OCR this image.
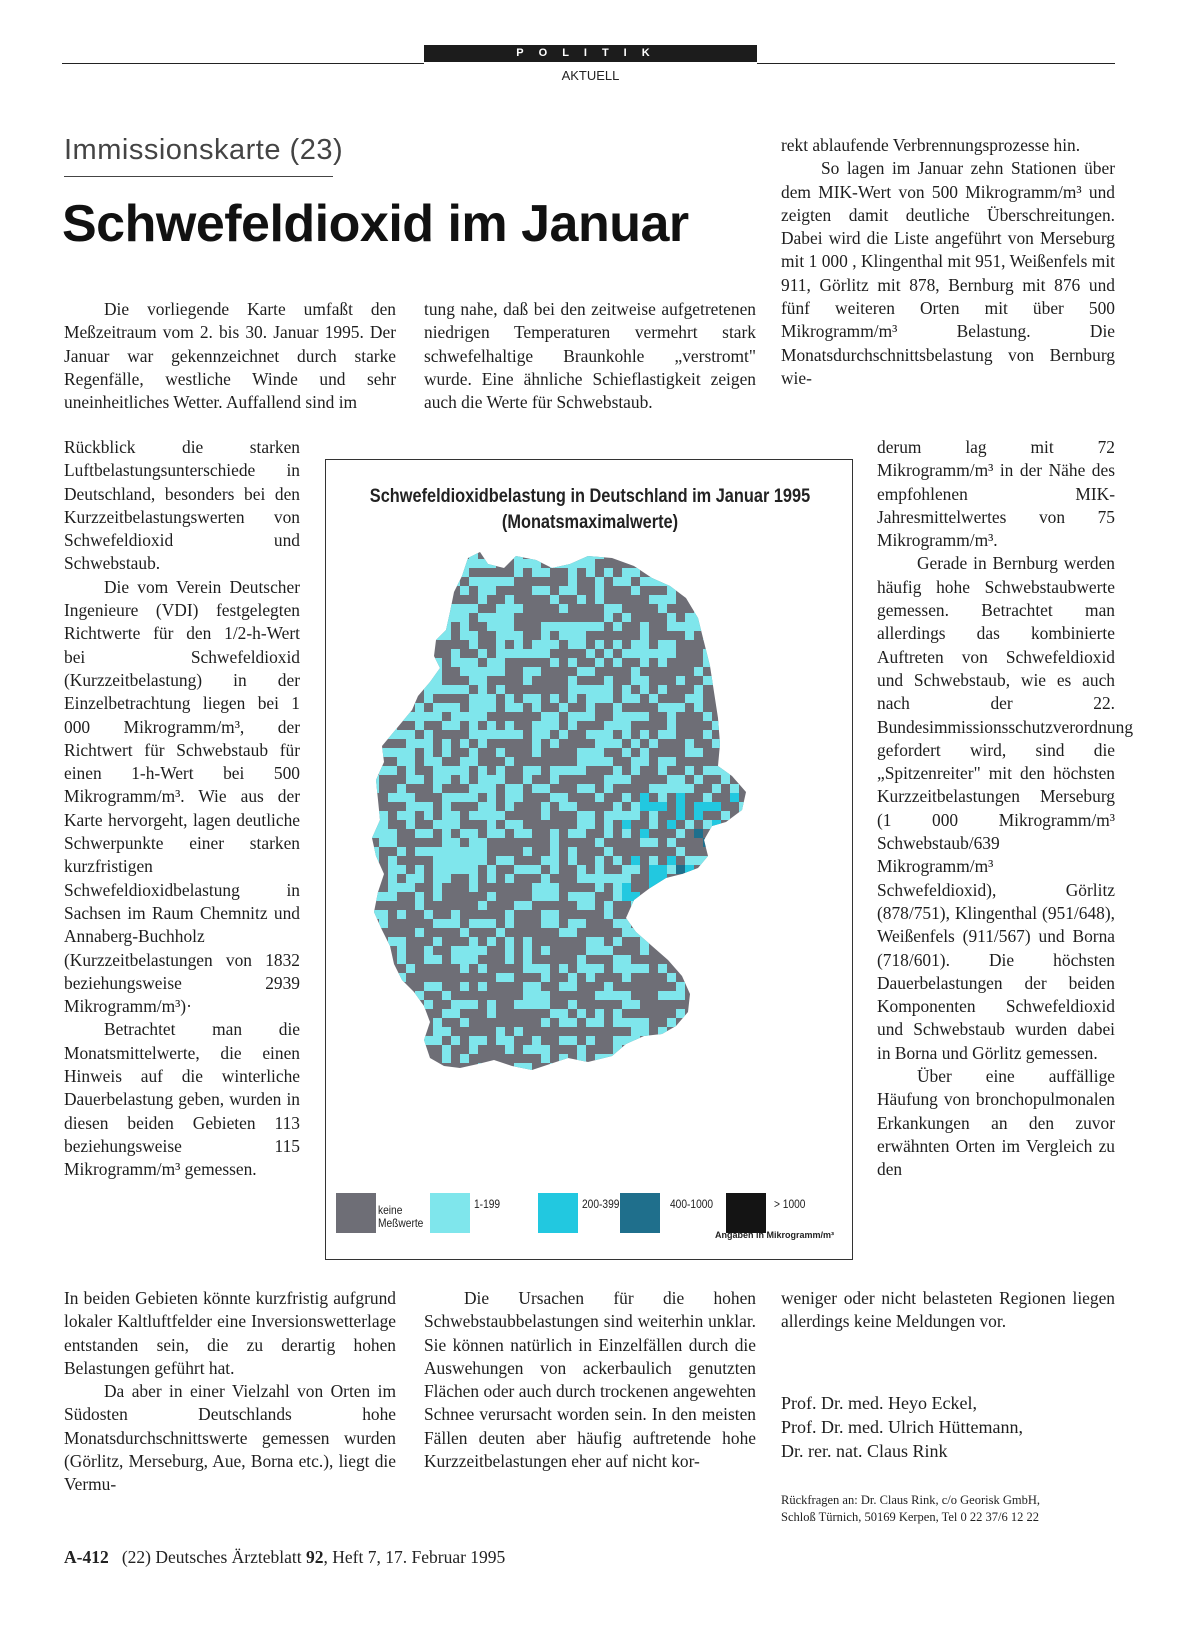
POLITIK
AKTUELL
Immissionskarte (23)
Schwefeldioxid im Januar

Die vorliegende Karte umfaßt den Meßzeitraum vom 2. bis 30. Januar 1995. Der Januar war gekennzeichnet durch starke Regenfälle, westliche Winde und sehr uneinheitliches Wetter. Auffallend sind im

Rückblick die starken Luftbelastungsunterschiede in Deutschland, besonders bei den Kurzzeitbelastungswerten von Schwefeldioxid und Schwebstaub.

Die vom Verein Deutscher Ingenieure (VDI) festgelegten Richtwerte für den 1/2-h-Wert bei Schwefeldioxid (Kurzzeitbelastung) in der Einzelbetrachtung liegen bei 1 000 Mikrogramm/m³, der Richtwert für Schwebstaub für einen 1-h-Wert bei 500 Mikrogramm/m³. Wie aus der Karte hervorgeht, lagen deutliche Schwerpunkte einer starken kurzfristigen Schwefeldioxidbelastung in Sachsen im Raum Chemnitz und Annaberg-Buchholz (Kurzzeitbelastungen von 1832 beziehungsweise 2939 Mikrogramm/m³)·

Betrachtet man die Monatsmittelwerte, die einen Hinweis auf die winterliche Dauerbelastung geben, wurden in diesen beiden Gebieten 113 beziehungsweise 115 Mikrogramm/m³ gemessen.

In beiden Gebieten könnte kurzfristig aufgrund lokaler Kaltluftfelder eine Inversionswetterlage entstanden sein, die zu derartig hohen Belastungen geführt hat.

Da aber in einer Vielzahl von Orten im Südosten Deutschlands hohe Monatsdurchschnittswerte gemessen wurden (Görlitz, Merseburg, Aue, Borna etc.), liegt die Vermu-

tung nahe, daß bei den zeitweise aufgetretenen niedrigen Temperaturen vermehrt stark schwefelhaltige Braunkohle „verstromt" wurde. Eine ähnliche Schieflastigkeit zeigen auch die Werte für Schwebstaub.

Die Ursachen für die hohen Schwebstaubbelastungen sind weiterhin unklar. Sie können natürlich in Einzelfällen durch die Auswehungen von ackerbaulich genutzten Flächen oder auch durch trockenen angewehten Schnee verursacht worden sein. In den meisten Fällen deuten aber häufig auftretende hohe Kurzzeitbelastungen eher auf nicht kor-

rekt ablaufende Verbrennungsprozesse hin.

So lagen im Januar zehn Stationen über dem MIK-Wert von 500 Mikrogramm/m³ und zeigten damit deutliche Überschreitungen. Dabei wird die Liste angeführt von Merseburg mit 1 000 , Klingenthal mit 951, Weißenfels mit 911, Görlitz mit 878, Bernburg mit 876 und fünf weiteren Orten mit über 500 Mikrogramm/m³ Belastung. Die Monatsdurchschnittsbelastung von Bernburg wie-

derum lag mit 72 Mikrogramm/m³ in der Nähe des empfohlenen MIK-Jahresmittelwertes von 75 Mikrogramm/m³.

Gerade in Bernburg werden häufig hohe Schwebstaubwerte gemessen. Betrachtet man allerdings das kombinierte Auftreten von Schwefeldioxid und Schwebstaub, wie es auch nach der 22. Bundesimmissionsschutzverordnung gefordert wird, sind die „Spitzenreiter" mit den höchsten Kurzzeitbelastungen Merseburg (1 000 Mikrogramm/m³ Schwebstaub/639 Mikrogramm/m³ Schwefeldioxid), Görlitz (878/751), Klingenthal (951/648), Weißenfels (911/567) und Borna (718/601). Die höchsten Dauerbelastungen der beiden Komponenten Schwefeldioxid und Schwebstaub wurden dabei in Borna und Görlitz gemessen.

Über eine auffällige Häufung von bronchopulmonalen Erkankungen an den zuvor erwähnten Orten im Vergleich zu den

weniger oder nicht belasteten Regionen liegen allerdings keine Meldungen vor.

Schwefeldioxidbelastung in Deutschland im Januar 1995
(Monatsmaximalwerte)
keine
Meßwerte
1-199	200-399	400-1000	> 1000
Angaben in Mikrogramm/m³
Prof. Dr. med. Heyo Eckel,
Prof. Dr. med. Ulrich Hüttemann,
Dr. rer. nat. Claus Rink
Rückfragen an: Dr. Claus Rink, c/o Georisk GmbH,
Schloß Türnich, 50169 Kerpen, Tel 0 22 37/6 12 22
A-412 (22) Deutsches Ärzteblatt 92, Heft 7, 17. Februar 1995
